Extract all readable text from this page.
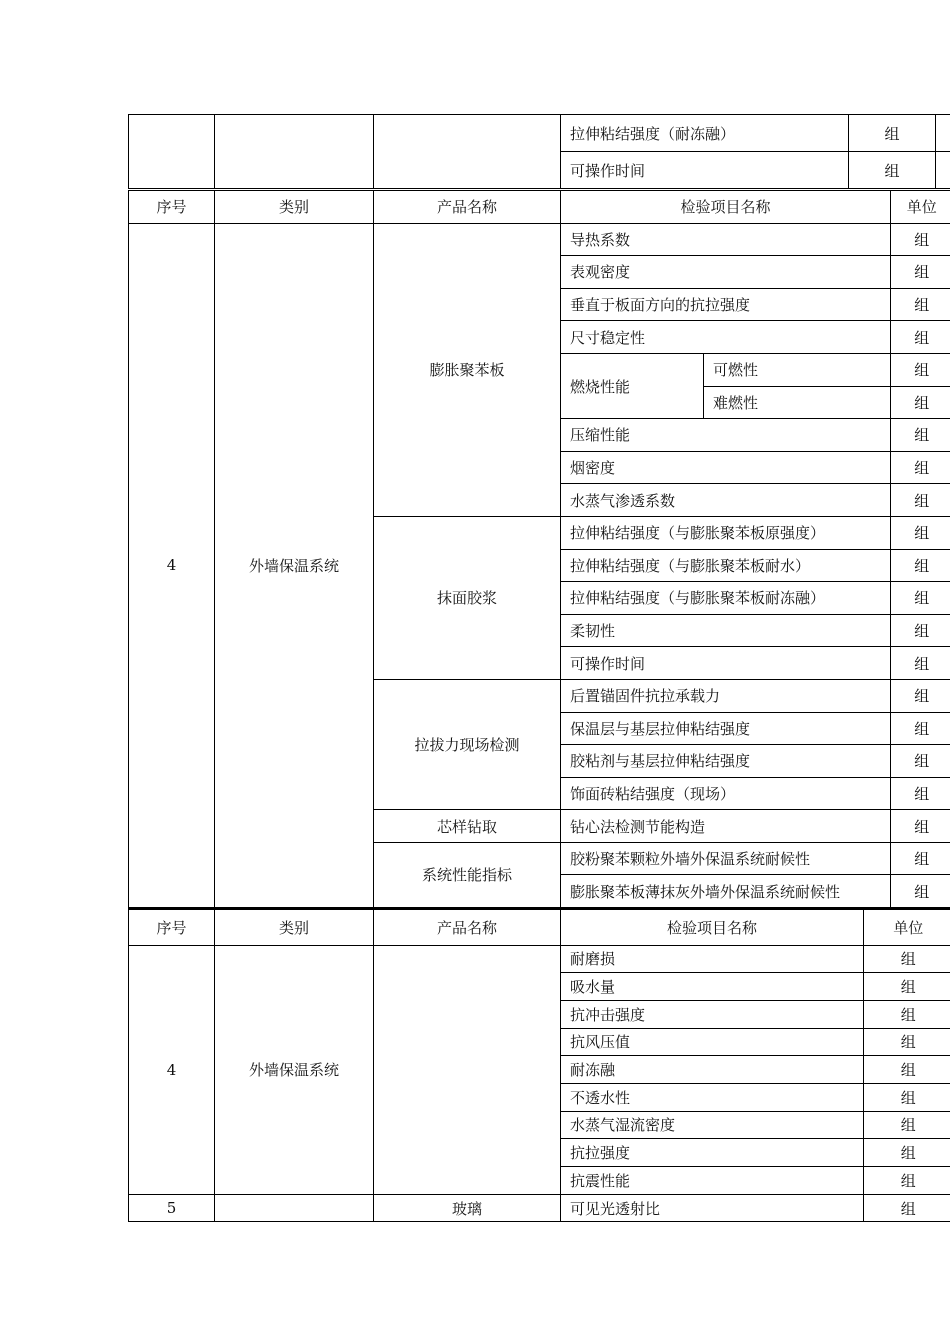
			拉伸粘结强度（耐冻融）	组	
			可操作时间	组	
序号	类别	产品名称	检验项目名称		单位
4	外墙保温系统	膨胀聚苯板	导热系数		组
			表观密度		组
			垂直于板面方向的抗拉强度		组
			尺寸稳定性		组
			燃烧性能	可燃性	组
				难燃性	组
			压缩性能		组
			烟密度		组
			水蒸气渗透系数		组
		抹面胶浆	拉伸粘结强度（与膨胀聚苯板原强度）		组
			拉伸粘结强度（与膨胀聚苯板耐水）		组
			拉伸粘结强度（与膨胀聚苯板耐冻融）		组
			柔韧性		组
			可操作时间		组
		拉拔力现场检测	后置锚固件抗拉承载力		组
			保温层与基层拉伸粘结强度		组
			胶粘剂与基层拉伸粘结强度		组
			饰面砖粘结强度（现场）		组
		芯样钻取	钻心法检测节能构造		组
		系统性能指标	胶粉聚苯颗粒外墙外保温系统耐候性		组
			膨胀聚苯板薄抹灰外墙外保温系统耐候性		组
序号	类别	产品名称	检验项目名称	单位
4	外墙保温系统		耐磨损	组
			吸水量	组
			抗冲击强度	组
			抗风压值	组
			耐冻融	组
			不透水性	组
			水蒸气湿流密度	组
			抗拉强度	组
			抗震性能	组
5		玻璃	可见光透射比	组
